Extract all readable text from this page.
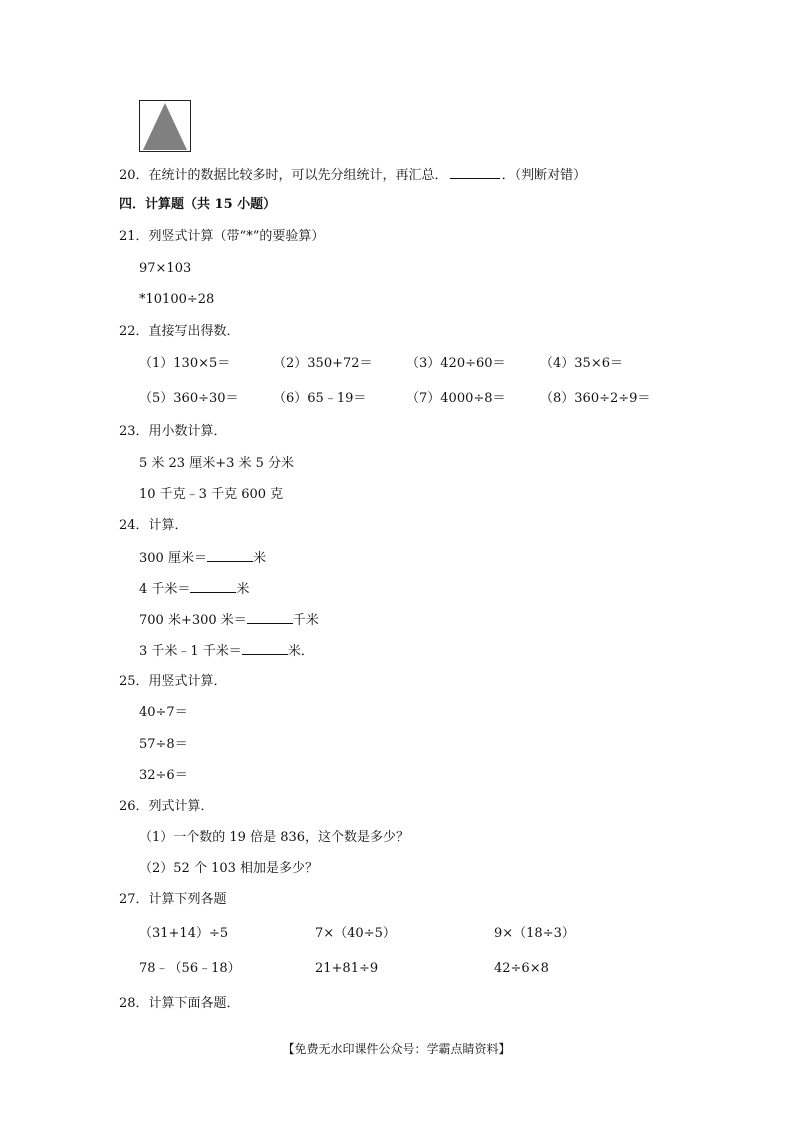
20．在统计的数据比较多时，可以先分组统计，再汇总．	．（判断对错）
四．计算题（共 15 小题）
21．列竖式计算（带“*”的要验算）
97×103
*10100÷28
22．直接写出得数．
（1）130×5＝	（2）350+72＝	（3）420÷60＝	（4）35×6＝
（5）360÷30＝	（6）65﹣19＝	（7）4000÷8＝	（8）360÷2÷9＝
23．用小数计算．
5 米 23 厘米+3 米 5 分米
10 千克﹣3 千克 600 克
24．计算．
300 厘米＝	米
4 千米＝	米
700 米+300 米＝	千米
3 千米﹣1 千米＝	米．
25．用竖式计算．
40÷7＝
57÷8＝
32÷6＝
26．列式计算．
（1）一个数的 19 倍是 836，这个数是多少？
（2）52 个 103 相加是多少？
27．计算下列各题
（31+14）÷5	7×（40÷5）	9×（18÷3）
78﹣（56﹣18）	21+81÷9	42÷6×8
28．计算下面各题．
【免费无水印课件公众号：学霸点睛资料】
